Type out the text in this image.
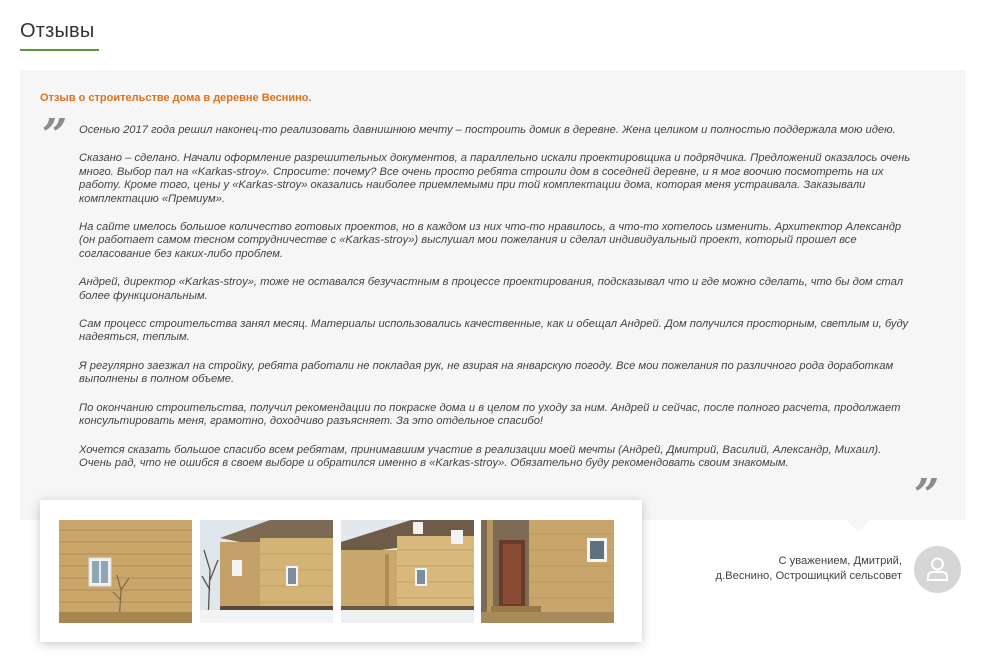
Отзывы
Отзыв о строительстве дома в деревне Веснино.
” Осенью 2017 года решил наконец-то реализовать давнишнюю мечту – построить домик в деревне. Жена целиком и полностью поддержала мою идею.

Сказано – сделано. Начали оформление разрешительных документов, а параллельно искали проектировщика и подрядчика. Предложений оказалось очень много. Выбор пал на «Karkas-stroy». Спросите: почему? Все очень просто ребята строили дом в соседней деревне, и я мог воочию посмотреть на их работу. Кроме того, цены у «Karkas-stroy» оказались наиболее приемлемыми при той комплектации дома, которая меня устраивала. Заказывали комплектацию «Премиум».

На сайте имелось большое количество готовых проектов, но в каждом из них что-то нравилось, а что-то хотелось изменить. Архитектор Александр (он работает самом тесном сотрудничестве с «Karkas-stroy») выслушал мои пожелания и сделал индивидуальный проект, который прошел все согласование без каких-либо проблем.

Андрей, директор «Karkas-stroy», тоже не оставался безучастным в процессе проектирования, подсказывал что и где можно сделать, что бы дом стал более функциональным.

Сам процесс строительства занял месяц. Материалы использовались качественные, как и обещал Андрей. Дом получился просторным, светлым и, буду надеяться, теплым.

Я регулярно заезжал на стройку, ребята работали не покладая рук, не взирая на январскую погоду. Все мои пожелания по различного рода доработкам выполнены в полном объеме.

По окончанию строительства, получил рекомендации по покраске дома и в целом по уходу за ним. Андрей и сейчас, после полного расчета, продолжает консультировать меня, грамотно, доходчиво разъясняет. За это отдельное спасибо!

Хочется сказать большое спасибо всем ребятам, принимавшим участие в реализации моей мечты (Андрей, Дмитрий, Василий, Александр, Михаил). Очень рад, что не ошибся в своем выборе и обратился именно в «Karkas-stroy». Обязательно буду рекомендовать своим знакомым.

”
С уважением, Дмитрий,
д.Веснино, Острошицкий сельсовет
